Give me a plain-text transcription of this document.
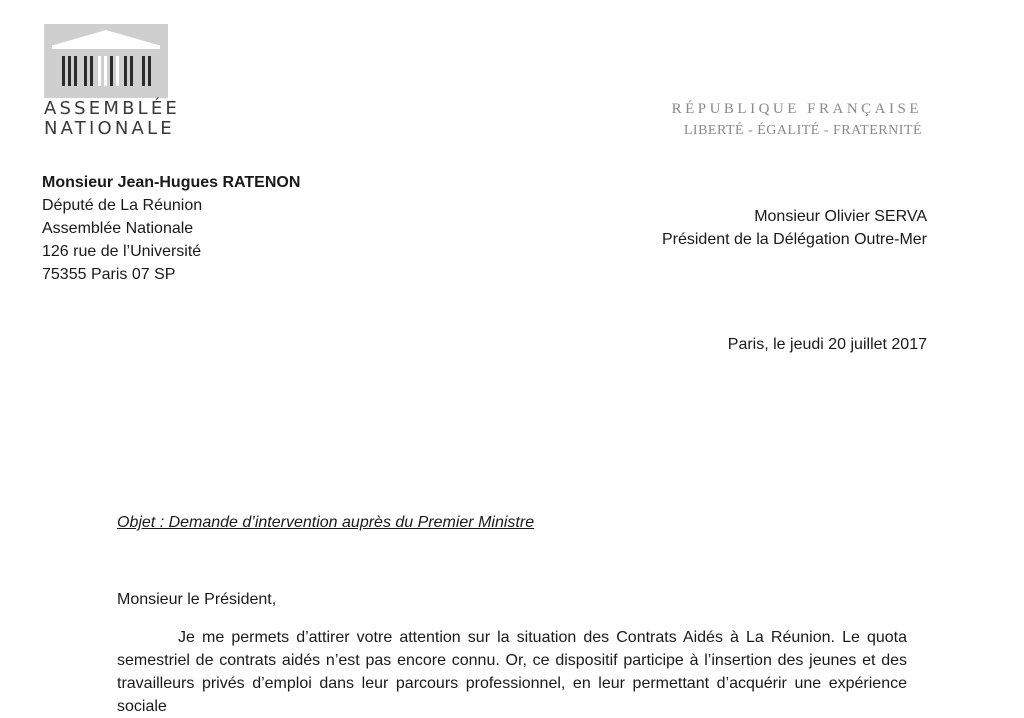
ASSEMBLÉE
NATIONALE
RÉPUBLIQUE FRANÇAISE
LIBERTÉ - ÉGALITÉ - FRATERNITÉ
Monsieur Jean-Hugues RATENON
Député de La Réunion
Assemblée Nationale
126 rue de l’Université
75355 Paris 07 SP
Monsieur Olivier SERVA
Président de la Délégation Outre-Mer
Paris, le jeudi 20 juillet 2017
Objet : Demande d’intervention auprès du Premier Ministre
Monsieur le Président,

Je me permets d’attirer votre attention sur la situation des Contrats Aidés à La Réunion. Le quota semestriel de contrats aidés n’est pas encore connu. Or, ce dispositif participe à l’insertion des jeunes et des travailleurs privés d’emploi dans leur parcours professionnel, en leur permettant d’acquérir une expérience sociale
